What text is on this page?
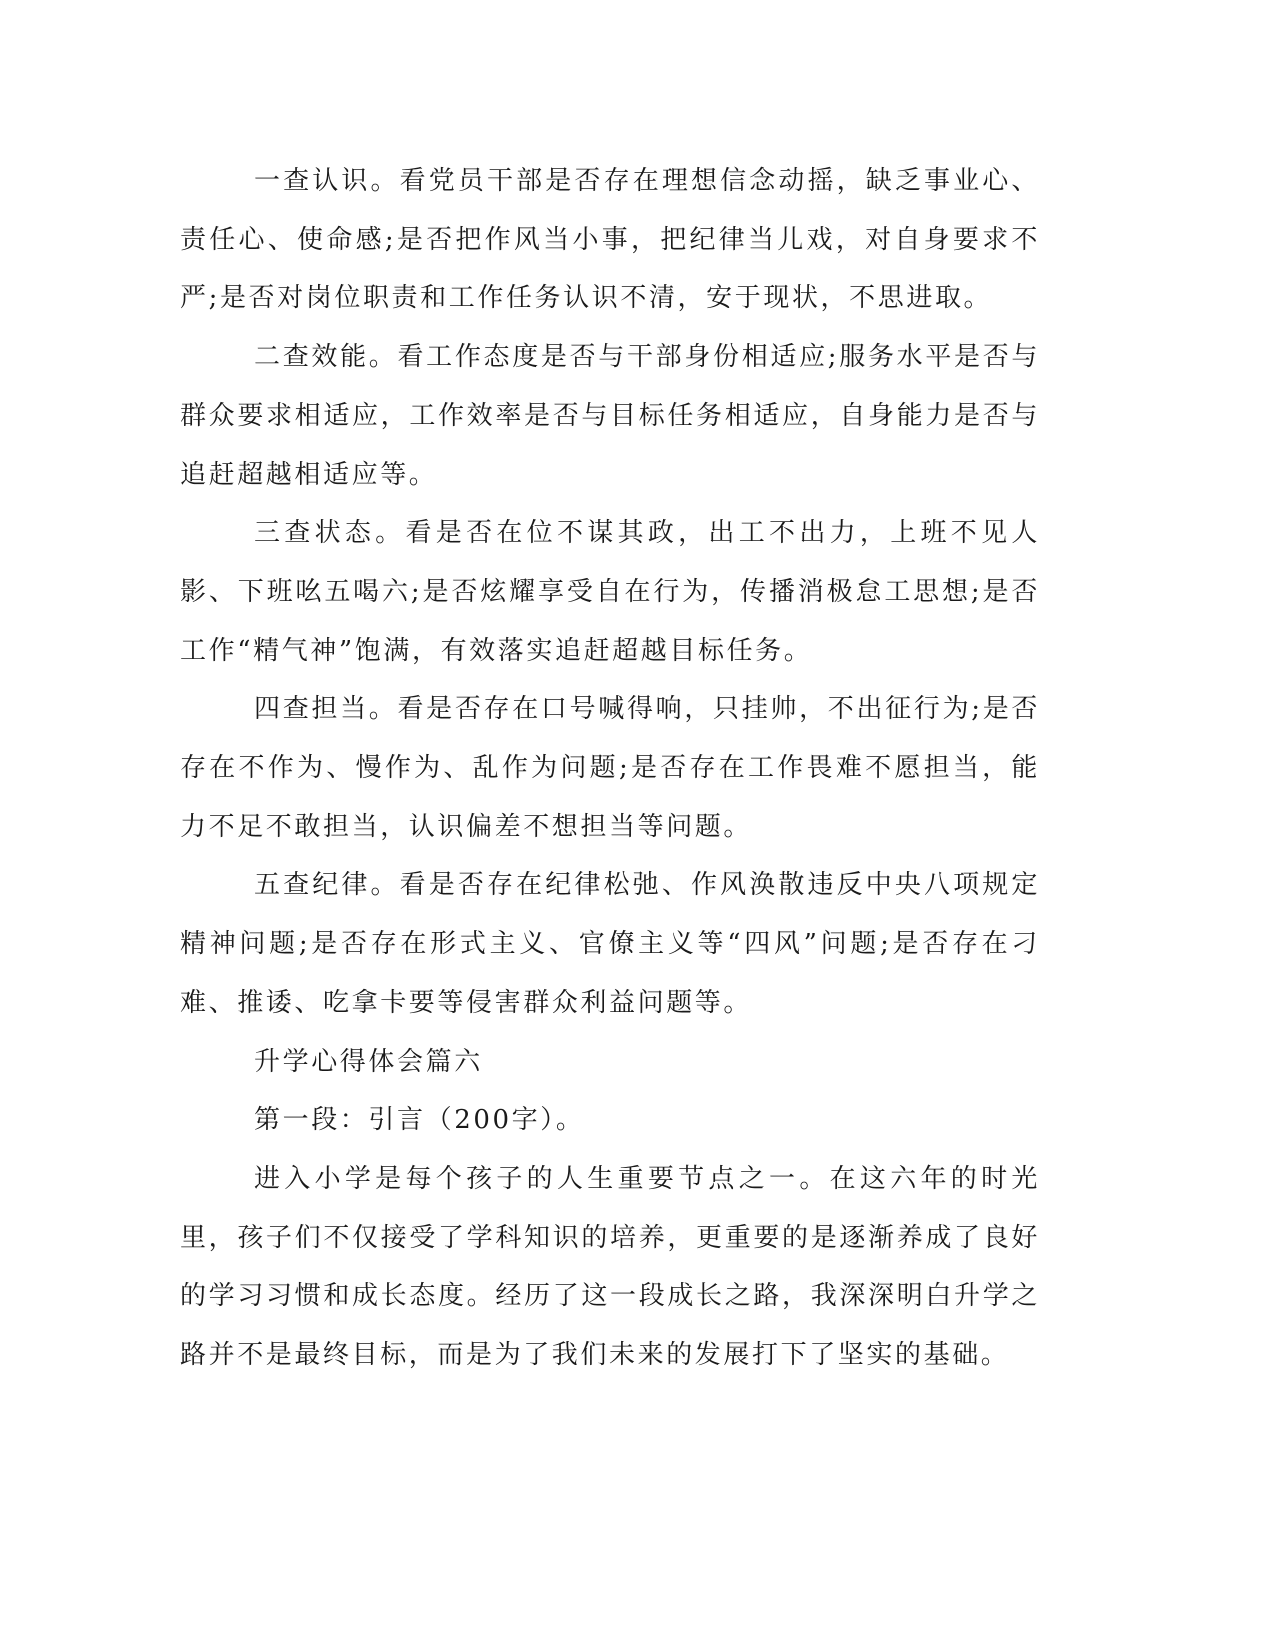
一查认识。看党员干部是否存在理想信念动摇，缺乏事业心、责任心、使命感;是否把作风当小事，把纪律当儿戏，对自身要求不严;是否对岗位职责和工作任务认识不清，安于现状，不思进取。

二查效能。看工作态度是否与干部身份相适应;服务水平是否与群众要求相适应，工作效率是否与目标任务相适应，自身能力是否与追赶超越相适应等。

三查状态。看是否在位不谋其政，出工不出力，上班不见人影、下班吆五喝六;是否炫耀享受自在行为，传播消极怠工思想;是否工作“精气神”饱满，有效落实追赶超越目标任务。

四查担当。看是否存在口号喊得响，只挂帅，不出征行为;是否存在不作为、慢作为、乱作为问题;是否存在工作畏难不愿担当，能力不足不敢担当，认识偏差不想担当等问题。

五查纪律。看是否存在纪律松弛、作风涣散违反中央八项规定精神问题;是否存在形式主义、官僚主义等“四风”问题;是否存在刁难、推诿、吃拿卡要等侵害群众利益问题等。

升学心得体会篇六

第一段：引言（200字）。

进入小学是每个孩子的人生重要节点之一。在这六年的时光里，孩子们不仅接受了学科知识的培养，更重要的是逐渐养成了良好的学习习惯和成长态度。经历了这一段成长之路，我深深明白升学之路并不是最终目标，而是为了我们未来的发展打下了坚实的基础。
